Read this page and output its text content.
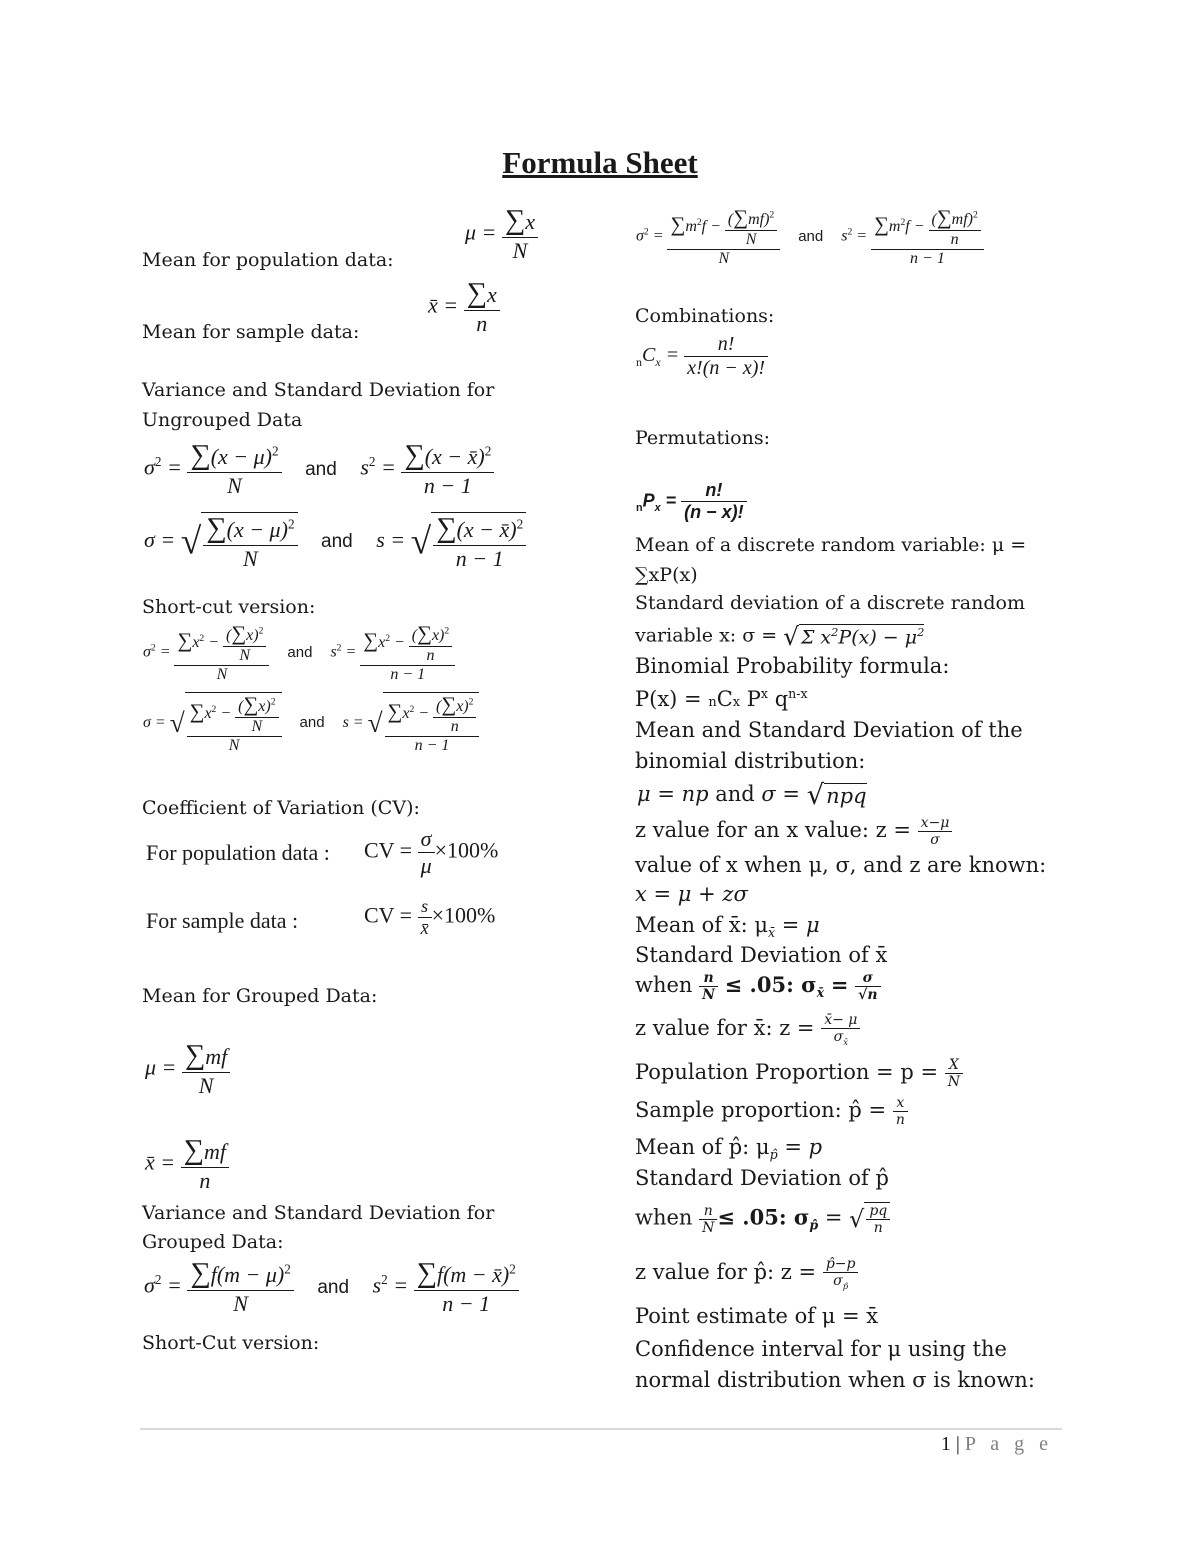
Formula Sheet
Mean for population data:
$\mu = \frac{\sum x}{N}$
Mean for sample data:
x̄ = $\frac{\sum x}{n}$
Variance and Standard Deviation for
Ungrouped Data
$\sigma^2 = \frac{\sum(x - \mu)^2}{N}$ and $s^2 = \frac{\sum(x - x̄)^2}{n - 1}$
σ = √ $\frac{\sum(x - \mu)^2}{N}$ and s = √ $\frac{\sum(x - x̄)^2}{n - 1}$
Short-cut version:
$\sigma^2 = \frac{\sum x^2 - \frac{(\sum x)^2}{N}}{N}$ and $s^2 = \frac{\sum x^2 - \frac{(\sum x)^2}{n}}{n - 1}$
σ = √ $\frac{\sum x^2 - \frac{(\sum x)^2}{N}}{N}$ and s = √ $\frac{\sum x^2 - \frac{(\sum x)^2}{n}}{n - 1}$
Coefficient of Variation (CV):
For population data : CV = $\frac{\sigma}{\mu} \times 100\%$
For sample data :	CV = $\frac{s}{x̄} \times 100\%$
Mean for Grouped Data:
$\mu = \frac{\sum mf}{N}$
x̄ = $\frac{\sum mf}{n}$
Variance and Standard Deviation for
Grouped Data:
$\sigma^2 = \frac{\sum f(m - \mu)^2}{N}$ and $s^2 = \frac{\sum f(m - x̄)^2}{n - 1}$
Short-Cut version:
$\sigma^2 = \frac{\sum m^2f - \frac{(\sum mf)^2}{N}}{N}$ and $s^2 = \frac{\sum m^2f - \frac{(\sum mf)^2}{n}}{n - 1}$
Combinations:
$_nC_x = \frac{n!}{x!(n - x)!}$
Permutations:
$_nP_x = \frac{n!}{(n - x)!}$
Mean of a discrete random variable: μ =
∑xP(x)
Standard deviation of a discrete random
variable x: σ = √ Σ $x^2P(x) - \mu^2$
Binomial Probability formula:
P(x) = nCx $P^x$ $q^{n-x}$
Mean and Standard Deviation of the
binomial distribution:
μ = np and σ = √npq
z value for an x value: $z = \frac{x-\mu}{\sigma}$
value of x when μ, σ, and z are known:
x = μ + zσ
Mean of x̄: $\mu_{x̄} = \mu$
Standard Deviation of x̄
when $\frac{n}{N} \le .05$: $\sigma_{x̄} = \frac{\sigma}{√n}$
z value for x̄: $z = \frac{x̄- \mu}{\sigma_{x̄}}$
Population Proportion = $p = \frac{X}{N}$
Sample proportion: p̂ = $\frac{x}{n}$
Mean of p̂: $\mu_{p̂} = p$
Standard Deviation of p̂
when $\frac{n}{N} \le .05$: $\sigma_{p̂}$ = √ $\frac{pq}{n}$
z value for p̂: $z = \frac{p̂-p}{\sigma_{p̂}}$
Point estimate of μ = x̄
Confidence interval for μ using the
normal distribution when σ is known:
1 | P a g e
